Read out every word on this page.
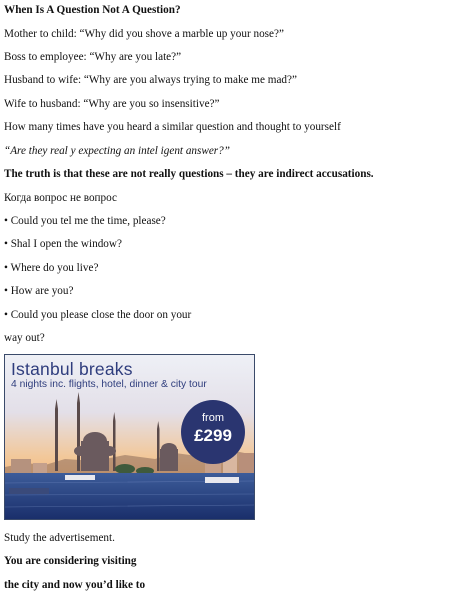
When Is A Question Not A Question?
Mother to child: “Why did you shove a marble up your nose?”
Boss to employee: “Why are you late?”
Husband to wife: “Why are you always trying to make me mad?”
Wife to husband: “Why are you so insensitive?”
How many times have you heard a similar question and thought to yourself
“Are they real y expecting an intel igent answer?”
The truth is that these are not really questions – they are indirect accusations.
Когда вопрос не вопрос
• Could you tel me the time, please?
• Shal I open the window?
• Where do you live?
• How are you?
• Could you please close the door on your
way out?
Istanbul breaks
4 nights inc. flights, hotel, dinner & city tour
from
£299
Study the advertisement.
You are considering visiting
the city and now you’d like to
